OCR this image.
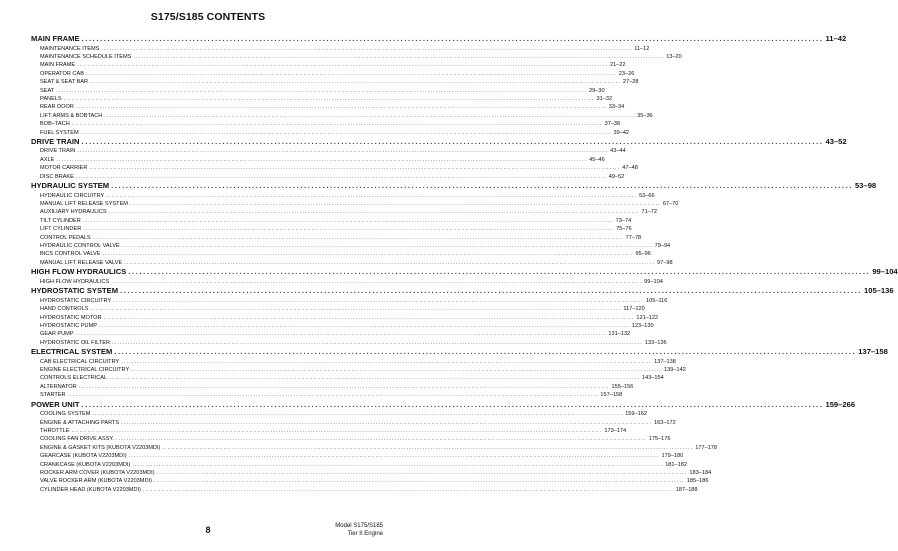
S175/S185 CONTENTS
MAIN FRAME ........................................................................................................................................................................................................ 11–42
MAINTENANCE ITEMS ........................................................................................................................................................................................................ 11–12
MAINTENANCE SCHEDULE ITEMS ........................................................................................................................................................................................................ 13–20
MAIN FRAME ........................................................................................................................................................................................................ 21–22
OPERATOR CAB ........................................................................................................................................................................................................ 23–26
SEAT & SEAT BAR ........................................................................................................................................................................................................ 27–28
SEAT ........................................................................................................................................................................................................ 29–30
PANELS ........................................................................................................................................................................................................ 31–32
REAR DOOR ........................................................................................................................................................................................................ 33–34
LIFT ARMS & BOBTACH ........................................................................................................................................................................................................ 35–36
BOB–TACH ........................................................................................................................................................................................................ 37–38
FUEL SYSTEM ........................................................................................................................................................................................................ 39–42
DRIVE TRAIN ........................................................................................................................................................................................................ 43–52
DRIVE TRAIN ........................................................................................................................................................................................................ 43–44
AXLE ........................................................................................................................................................................................................ 45–46
MOTOR CARRIER ........................................................................................................................................................................................................ 47–48
DISC BRAKE ........................................................................................................................................................................................................ 49–52
HYDRAULIC SYSTEM ........................................................................................................................................................................................................ 53–98
HYDRAULIC CIRCUITRY ........................................................................................................................................................................................................ 53–66
MANUAL LIFT RELEASE SYSTEM ........................................................................................................................................................................................................ 67–70
AUXILIARY HYDRAULICS ........................................................................................................................................................................................................ 71–72
TILT CYLINDER ........................................................................................................................................................................................................ 73–74
LIFT CYLINDER ........................................................................................................................................................................................................ 75–76
CONTROL PEDALS ........................................................................................................................................................................................................ 77–78
HYDRAULIC CONTROL VALVE ........................................................................................................................................................................................................ 79–94
BICS CONTROL VALVE ........................................................................................................................................................................................................ 95–96
MANUAL LIFT RELEASE VALVE ........................................................................................................................................................................................................ 97–98
HIGH FLOW HYDRAULICS ........................................................................................................................................................................................................ 99–104
HIGH FLOW HYDRAULICS ........................................................................................................................................................................................................ 99–104
HYDROSTATIC SYSTEM ........................................................................................................................................................................................................ 105–136
HYDROSTATIC CIRCUITRY ........................................................................................................................................................................................................ 105–116
HAND CONTROLS ........................................................................................................................................................................................................ 117–120
HYDROSTATIC MOTOR ........................................................................................................................................................................................................ 121–122
HYDROSTATIC PUMP ........................................................................................................................................................................................................ 123–130
GEAR PUMP ........................................................................................................................................................................................................ 131–132
HYDROSTATIC OIL FILTER ........................................................................................................................................................................................................ 133–136
ELECTRICAL SYSTEM ........................................................................................................................................................................................................ 137–158
CAB ELECTRICAL CIRCUITRY ........................................................................................................................................................................................................ 137–138
ENGINE ELECTRICAL CIRCUITRY ........................................................................................................................................................................................................ 139–142
CONTROLS ELECTRICAL ........................................................................................................................................................................................................ 143–154
ALTERNATOR ........................................................................................................................................................................................................ 155–156
STARTER ........................................................................................................................................................................................................ 157–158
POWER UNIT ........................................................................................................................................................................................................ 159–266
COOLING SYSTEM ........................................................................................................................................................................................................ 159–162
ENGINE & ATTACHING PARTS ........................................................................................................................................................................................................ 163–172
THROTTLE ........................................................................................................................................................................................................ 173–174
COOLING FAN DRIVE ASSY. ........................................................................................................................................................................................................ 175–176
ENGINE & GASKET KITS (KUBOTA V2203MDI) ........................................................................................................................................................................................................ 177–178
GEARCASE (KUBOTA V2203MDI) ........................................................................................................................................................................................................ 179–180
CRANKCASE (KUBOTA V2203MDI) ........................................................................................................................................................................................................ 181–182
ROCKER ARM COVER (KUBOTA V2203MDI) ........................................................................................................................................................................................................ 183–184
VALVE ROCKER ARM (KUBOTA V2203MDI) ........................................................................................................................................................................................................ 185–186
CYLINDER HEAD (KUBOTA V2203MDI) ........................................................................................................................................................................................................ 187–188
8	Model S175/S185
Tier II Engine
